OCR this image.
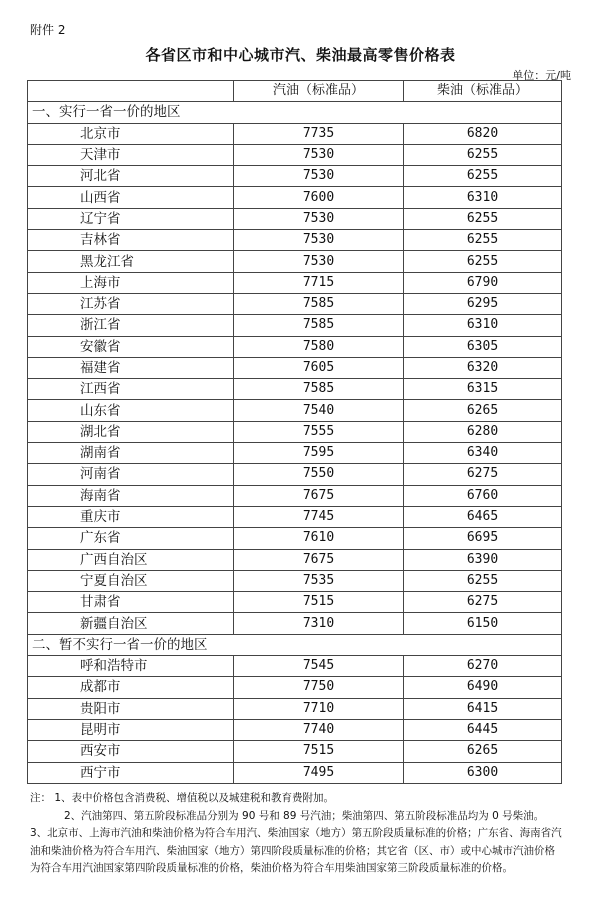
附件 2
各省区市和中心城市汽、柴油最高零售价格表
单位：元/吨
	汽油（标准品）	柴油（标准品）
一、实行一省一价的地区		
北京市	7735	6820
天津市	7530	6255
河北省	7530	6255
山西省	7600	6310
辽宁省	7530	6255
吉林省	7530	6255
黑龙江省	7530	6255
上海市	7715	6790
江苏省	7585	6295
浙江省	7585	6310
安徽省	7580	6305
福建省	7605	6320
江西省	7585	6315
山东省	7540	6265
湖北省	7555	6280
湖南省	7595	6340
河南省	7550	6275
海南省	7675	6760
重庆市	7745	6465
广东省	7610	6695
广西自治区	7675	6390
宁夏自治区	7535	6255
甘肃省	7515	6275
新疆自治区	7310	6150
二、暂不实行一省一价的地区		
呼和浩特市	7545	6270
成都市	7750	6490
贵阳市	7710	6415
昆明市	7740	6445
西安市	7515	6265
西宁市	7495	6300

注： 1、表中价格包含消费税、增值税以及城建税和教育费附加。

2、汽油第四、第五阶段标准品分别为 90 号和 89 号汽油；柴油第四、第五阶段标准品均为 0 号柴油。

3、北京市、上海市汽油和柴油价格为符合车用汽、柴油国家（地方）第五阶段质量标准的价格；广东省、海南省汽油和柴油价格为符合车用汽、柴油国家（地方）第四阶段质量标准的价格；其它省（区、市）或中心城市汽油价格为符合车用汽油国家第四阶段质量标准的价格，柴油价格为符合车用柴油国家第三阶段质量标准的价格。
